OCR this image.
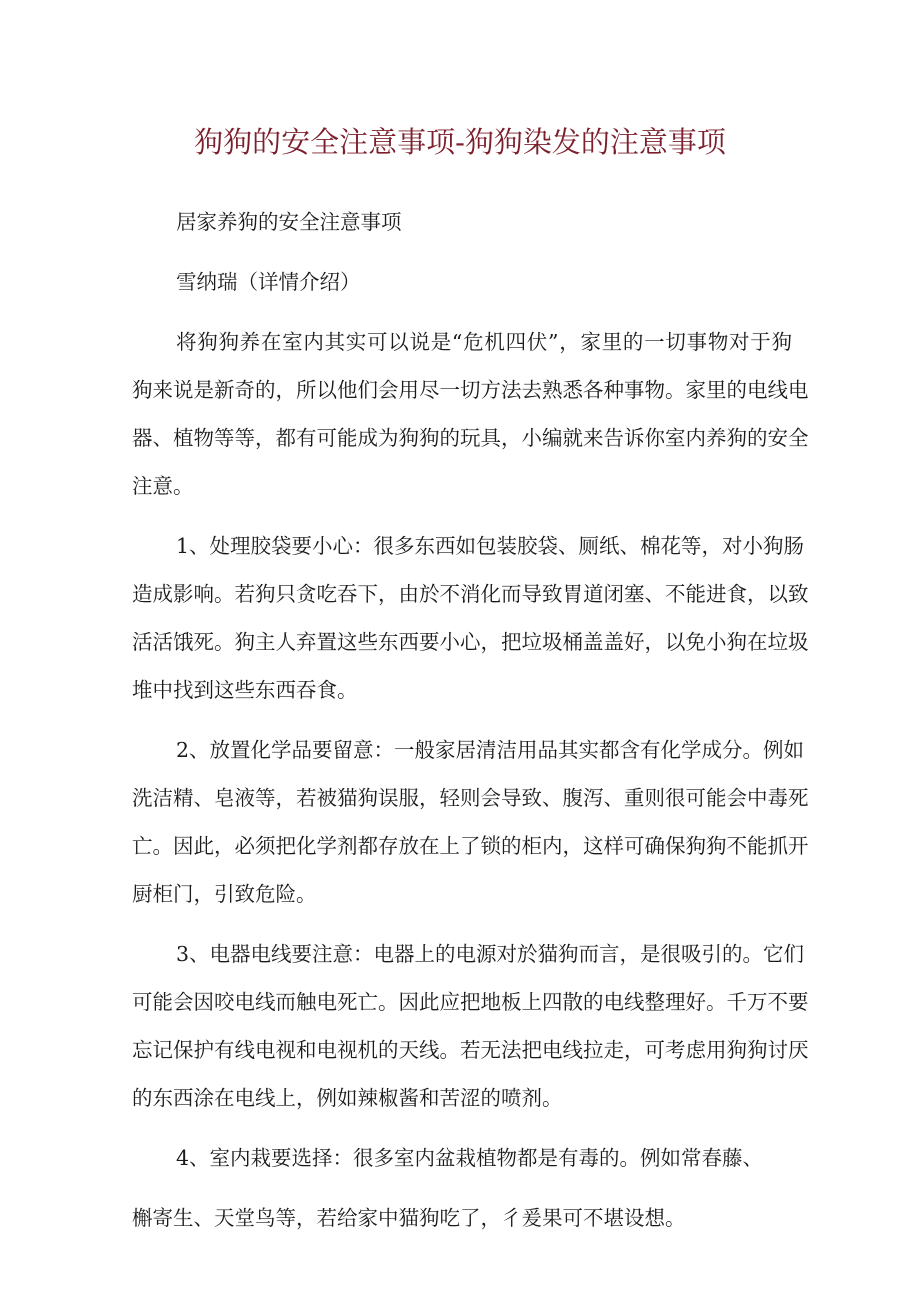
狗狗的安全注意事项-狗狗染发的注意事项

居家养狗的安全注意事项

雪纳瑞（详情介绍）

将狗狗养在室内其实可以说是“危机四伏”，家里的一切事物对于狗

狗来说是新奇的，所以他们会用尽一切方法去熟悉各种事物。家里的电线电

器、植物等等，都有可能成为狗狗的玩具，小编就来告诉你室内养狗的安全

注意。

1、处理胶袋要小心：很多东西如包装胶袋、厕纸、棉花等，对小狗肠

造成影响。若狗只贪吃吞下，由於不消化而导致胃道闭塞、不能进食，以致

活活饿死。狗主人弃置这些东西要小心，把垃圾桶盖盖好，以免小狗在垃圾

堆中找到这些东西吞食。

2、放置化学品要留意：一般家居清洁用品其实都含有化学成分。例如

洗洁精、皂液等，若被猫狗误服，轻则会导致、腹泻、重则很可能会中毒死

亡。因此，必须把化学剂都存放在上了锁的柜内，这样可确保狗狗不能抓开

厨柜门，引致危险。

3、电器电线要注意：电器上的电源对於猫狗而言，是很吸引的。它们

可能会因咬电线而触电死亡。因此应把地板上四散的电线整理好。千万不要

忘记保护有线电视和电视机的天线。若无法把电线拉走，可考虑用狗狗讨厌

的东西涂在电线上，例如辣椒酱和苦涩的喷剂。

4、室内栽要选择：很多室内盆栽植物都是有毒的。例如常春藤、

槲寄生、天堂鸟等，若给家中猫狗吃了，彳爰果可不堪设想。
